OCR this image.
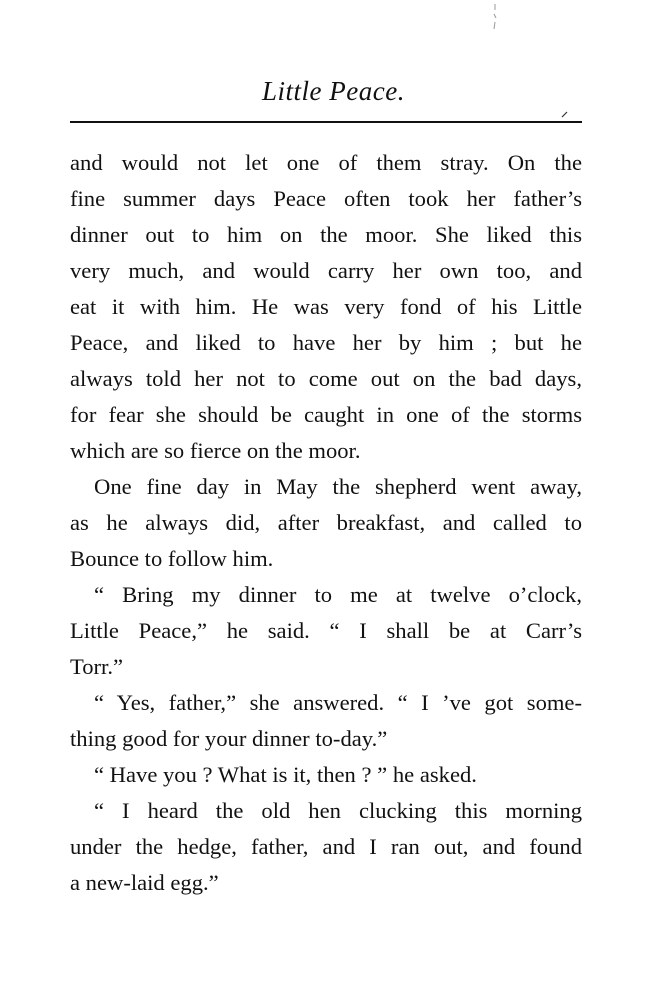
Little Peace.
and would not let one of them stray. On the
fine summer days Peace often took her father’s
dinner out to him on the moor. She liked this
very much, and would carry her own too, and
eat it with him. He was very fond of his Little
Peace, and liked to have her by him ; but he
always told her not to come out on the bad days,
for fear she should be caught in one of the storms
which are so fierce on the moor.
One fine day in May the shepherd went away,
as he always did, after breakfast, and called to
Bounce to follow him.
“ Bring my dinner to me at twelve o’clock,
Little Peace,” he said. “ I shall be at Carr’s
Torr.”
“ Yes, father,” she answered. “ I ’ve got some-
thing good for your dinner to-day.”
“ Have you ? What is it, then ? ” he asked.
“ I heard the old hen clucking this morning
under the hedge, father, and I ran out, and found
a new-laid egg.”
